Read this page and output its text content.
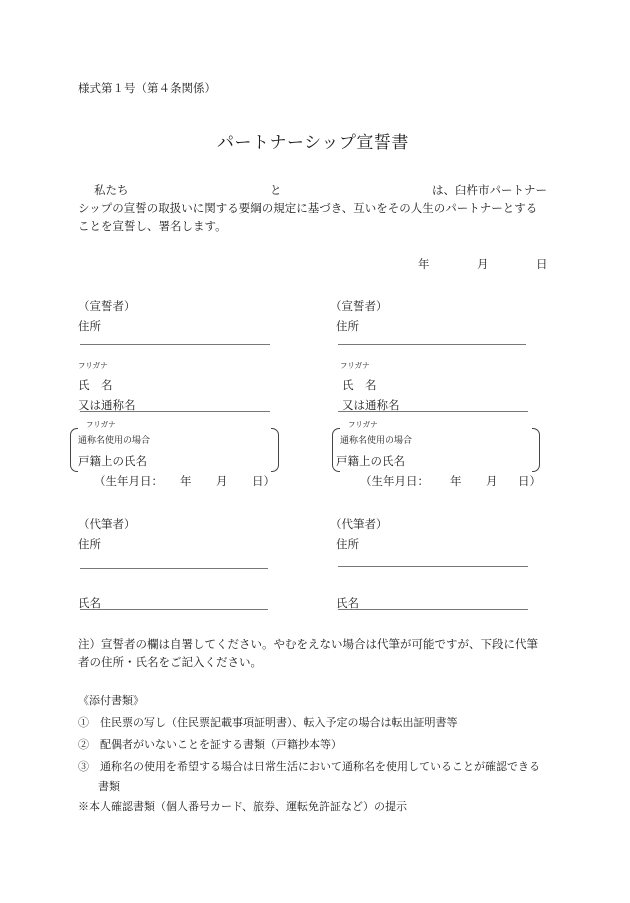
様式第１号（第４条関係）
パートナーシップ宣誓書
私たち	と	は、臼杵市パートナー
シップの宣誓の取扱いに関する要綱の規定に基づき、互いをその人生のパートナーとする
ことを宣誓し、署名します。
年	月	日
（宣誓者）
住所
フリガナ
氏　名
又は通称名
フリガナ
通称名使用の場合
戸籍上の氏名
（生年月日： 年 月 日）
（宣誓者）
住所
フリガナ
氏　名
又は通称名
フリガナ
通称名使用の場合
戸籍上の氏名
（生年月日： 年 月 日）
（代筆者）
住所
氏名
（代筆者）
住所
氏名
注）宣誓者の欄は自署してください。やむをえない場合は代筆が可能ですが、下段に代筆
者の住所・氏名をご記入ください。
《添付書類》
①　住民票の写し（住民票記載事項証明書）、転入予定の場合は転出証明書等
②　配偶者がいないことを証する書類（戸籍抄本等）
③　通称名の使用を希望する場合は日常生活において通称名を使用していることが確認できる
書類
※本人確認書類（個人番号カード、旅券、運転免許証など）の提示
